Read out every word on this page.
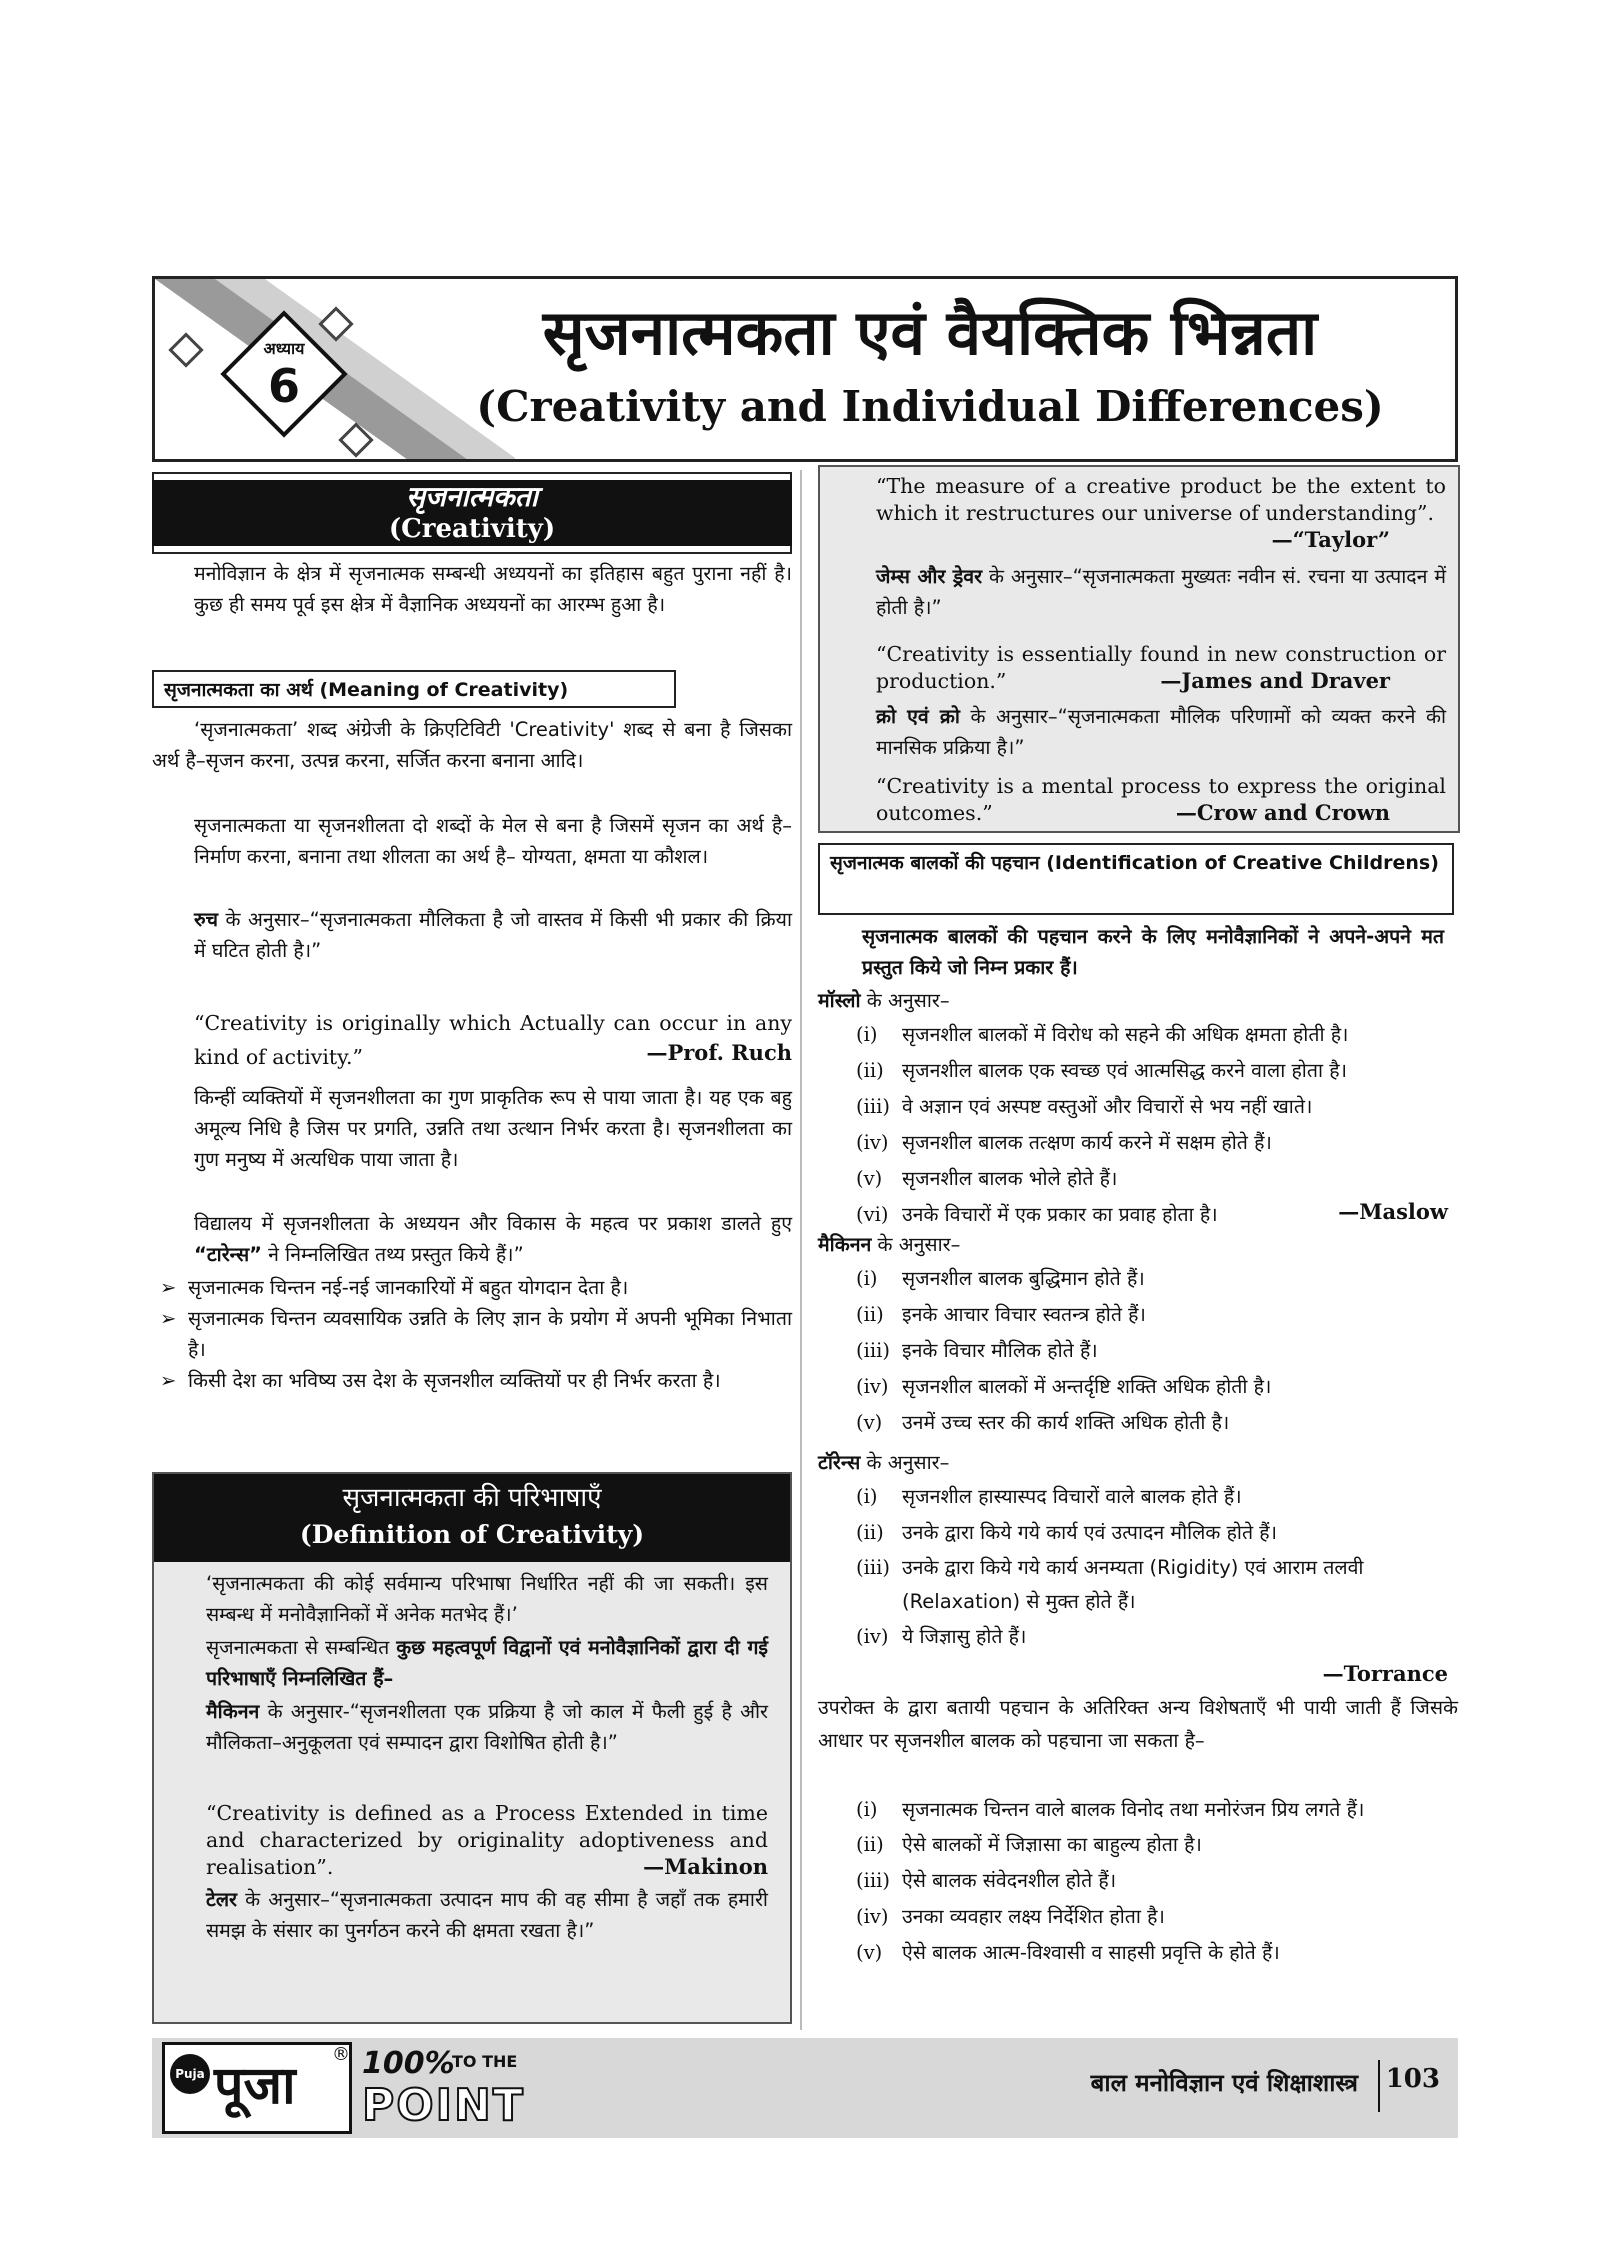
अध्याय
6
सृजनात्मकता एवं वैयक्तिक भिन्नता
(Creativity and Individual Differences)
सृजनात्मकता
(Creativity)

मनोविज्ञान के क्षेत्र में सृजनात्मक सम्बन्धी अध्ययनों का इतिहास बहुत पुराना नहीं है। कुछ ही समय पूर्व इस क्षेत्र में वैज्ञानिक अध्ययनों का आरम्भ हुआ है।

सृजनात्मकता का अर्थ (Meaning of Creativity)

‘सृजनात्मकता’ शब्द अंग्रेजी के क्रिएटिविटी 'Creativity' शब्द से बना है जिसका अर्थ है–सृजन करना, उत्पन्न करना, सर्जित करना बनाना आदि।

सृजनात्मकता या सृजनशीलता दो शब्दों के मेल से बना है जिसमें सृजन का अर्थ है– निर्माण करना, बनाना तथा शीलता का अर्थ है– योग्यता, क्षमता या कौशल।

रुच के अनुसार–“सृजनात्मकता मौलिकता है जो वास्तव में किसी भी प्रकार की क्रिया में घटित होती है।”

“Creativity is originally which Actually can occur in any kind of activity.”	—Prof. Ruch

किन्हीं व्यक्तियों में सृजनशीलता का गुण प्राकृतिक रूप से पाया जाता है। यह एक बहु अमूल्य निधि है जिस पर प्रगति, उन्नति तथा उत्थान निर्भर करता है। सृजनशीलता का गुण मनुष्य में अत्यधिक पाया जाता है।

विद्यालय में सृजनशीलता के अध्ययन और विकास के महत्व पर प्रकाश डालते हुए “टारेन्स” ने निम्नलिखित तथ्य प्रस्तुत किये हैं।”

➢ सृजनात्मक चिन्तन नई-नई जानकारियों में बहुत योगदान देता है।
➢ सृजनात्मक चिन्तन व्यवसायिक उन्नति के लिए ज्ञान के प्रयोग में अपनी भूमिका निभाता है।
➢ किसी देश का भविष्य उस देश के सृजनशील व्यक्तियों पर ही निर्भर करता है।
सृजनात्मकता की परिभाषाएँ
(Definition of Creativity)

‘सृजनात्मकता की कोई सर्वमान्य परिभाषा निर्धारित नहीं की जा सकती। इस सम्बन्ध में मनोवैज्ञानिकों में अनेक मतभेद हैं।’

सृजनात्मकता से सम्बन्धित कुछ महत्वपूर्ण विद्वानों एवं मनोवैज्ञानिकों द्वारा दी गई परिभाषाएँ निम्नलिखित हैं–

मैकिनन के अनुसार-“सृजनशीलता एक प्रक्रिया है जो काल में फैली हुई है और मौलिकता–अनुकूलता एवं सम्पादन द्वारा विशोषित होती है।”

“Creativity is defined as a Process Extended in time and characterized by originality adoptiveness and realisation”.	—Makinon

टेलर के अनुसार–“सृजनात्मकता उत्पादन माप की वह सीमा है जहाँ तक हमारी समझ के संसार का पुनर्गठन करने की क्षमता रखता है।”

“The measure of a creative product be the extent to which it restructures our universe of understanding”.

—“Taylor”

जेम्स और ड्रेवर के अनुसार–“सृजनात्मकता मुख्यतः नवीन सं. रचना या उत्पादन में होती है।”

“Creativity is essentially found in new construction or production.”	—James and Draver

क्रो एवं क्रो के अनुसार–“सृजनात्मकता मौलिक परिणामों को व्यक्त करने की मानसिक प्रक्रिया है।”

“Creativity is a mental process to express the original outcomes.”	—Crow and Crown
सृजनात्मक बालकों की पहचान (Identification of Creative Childrens)

सृजनात्मक बालकों की पहचान करने के लिए मनोवैज्ञानिकों ने अपने-अपने मत प्रस्तुत किये जो निम्न प्रकार हैं।

मॉस्लो के अनुसार–
(i) सृजनशील बालकों में विरोध को सहने की अधिक क्षमता होती है।
(ii) सृजनशील बालक एक स्वच्छ एवं आत्मसिद्ध करने वाला होता है।
(iii) वे अज्ञान एवं अस्पष्ट वस्तुओं और विचारों से भय नहीं खाते।
(iv) सृजनशील बालक तत्क्षण कार्य करने में सक्षम होते हैं।
(v) सृजनशील बालक भोले होते हैं।
(vi) उनके विचारों में एक प्रकार का प्रवाह होता है।	—Maslow
मैकिनन के अनुसार–
(i) सृजनशील बालक बुद्धिमान होते हैं।
(ii) इनके आचार विचार स्वतन्त्र होते हैं।
(iii) इनके विचार मौलिक होते हैं।
(iv) सृजनशील बालकों में अन्तर्दृष्टि शक्ति अधिक होती है।
(v) उनमें उच्च स्तर की कार्य शक्ति अधिक होती है।
टॉरेन्स के अनुसार–
(i) सृजनशील हास्यास्पद विचारों वाले बालक होते हैं।
(ii) उनके द्वारा किये गये कार्य एवं उत्पादन मौलिक होते हैं।
(iii) उनके द्वारा किये गये कार्य अनम्यता (Rigidity) एवं आराम तलवी (Relaxation) से मुक्त होते हैं।
(iv) ये जिज्ञासु होते हैं।
—Torrance

उपरोक्त के द्वारा बतायी पहचान के अतिरिक्त अन्य विशेषताएँ भी पायी जाती हैं जिसके आधार पर सृजनशील बालक को पहचाना जा सकता है–

(i) सृजनात्मक चिन्तन वाले बालक विनोद तथा मनोरंजन प्रिय लगते हैं।
(ii) ऐसे बालकों में जिज्ञासा का बाहुल्य होता है।
(iii) ऐसे बालक संवेदनशील होते हैं।
(iv) उनका व्यवहार लक्ष्य निर्देशित होता है।
(v) ऐसे बालक आत्म-विश्वासी व साहसी प्रवृत्ति के होते हैं।
Puja पूजा
® 100%
TO THE
POINT	बाल मनोविज्ञान एवं शिक्षाशास्त्र 103
